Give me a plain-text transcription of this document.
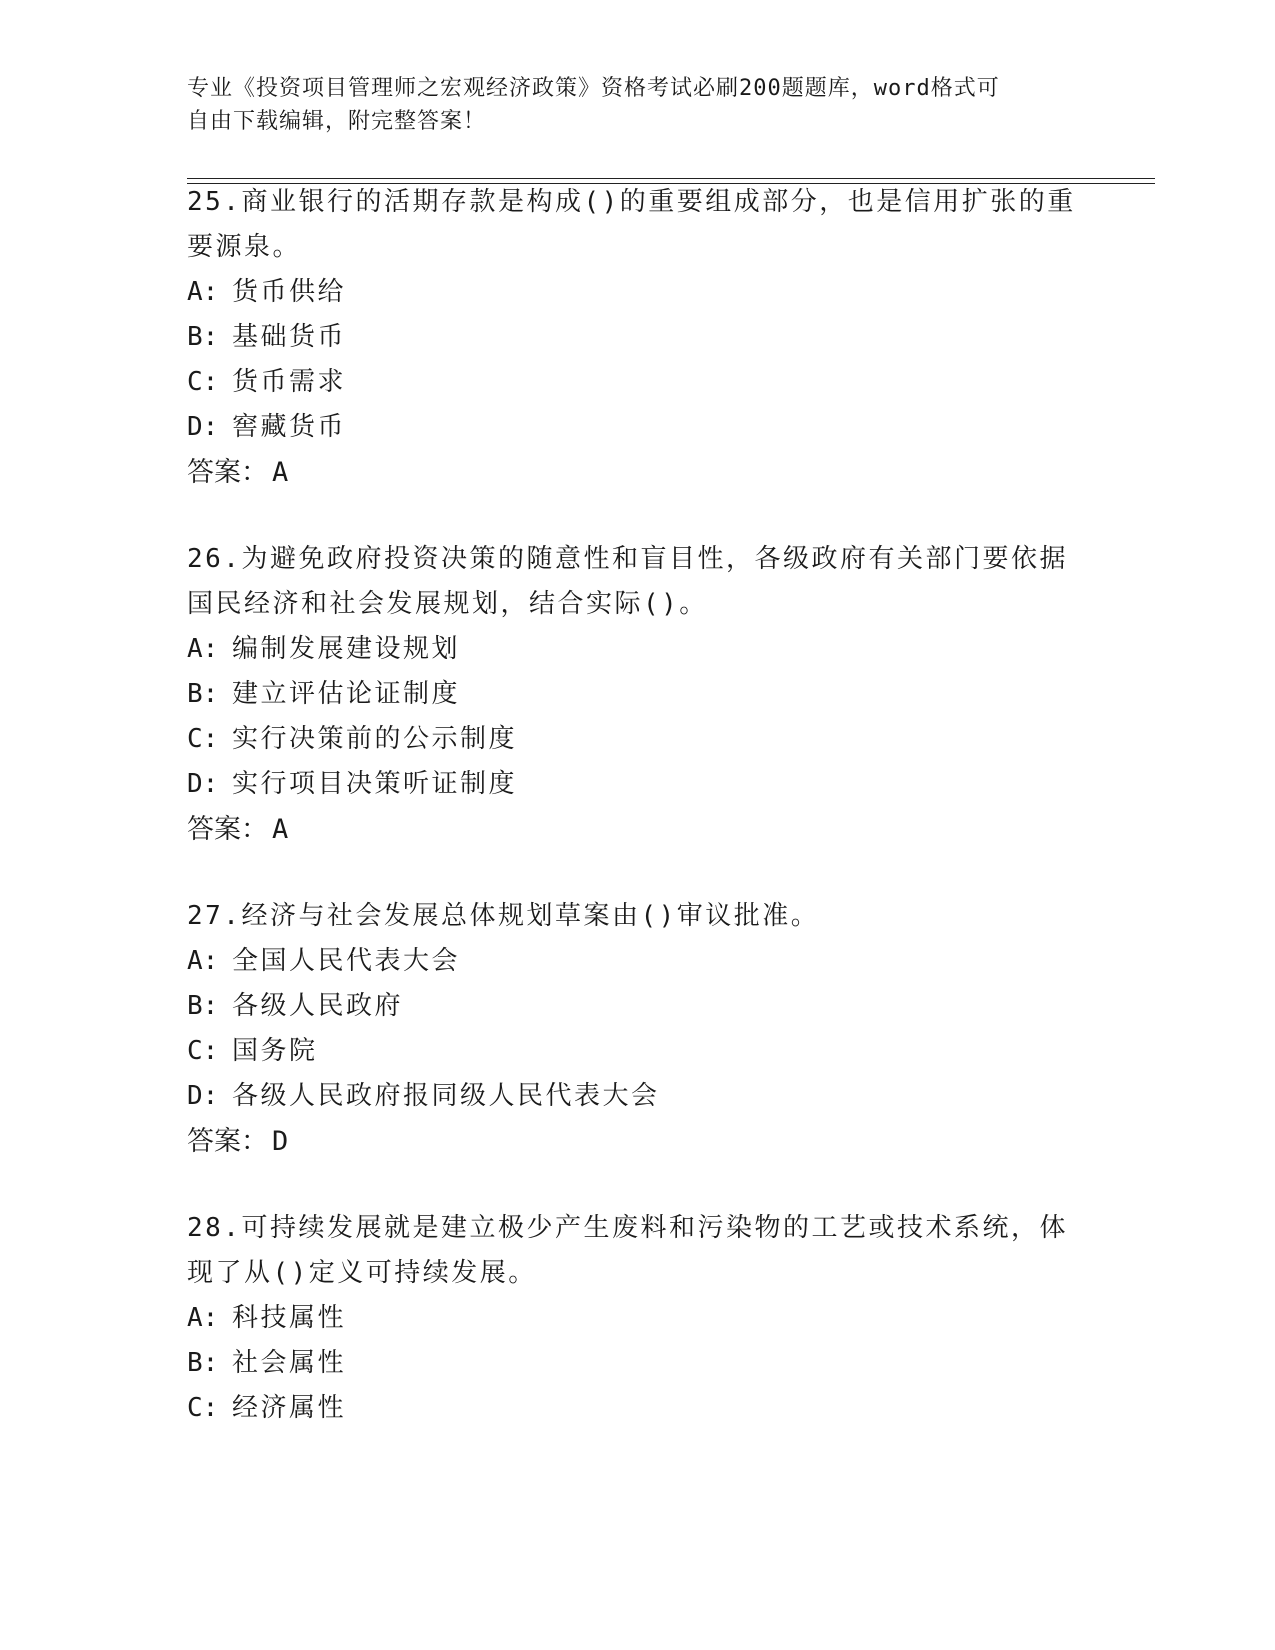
专业《投资项目管理师之宏观经济政策》资格考试必刷200题题库，word格式可
自由下载编辑，附完整答案！
25.商业银行的活期存款是构成()的重要组成部分，也是信用扩张的重
要源泉。
A: 货币供给
B: 基础货币
C: 货币需求
D: 窖藏货币
答案： A
26.为避免政府投资决策的随意性和盲目性，各级政府有关部门要依据
国民经济和社会发展规划，结合实际()。
A: 编制发展建设规划
B: 建立评估论证制度
C: 实行决策前的公示制度
D: 实行项目决策听证制度
答案： A
27.经济与社会发展总体规划草案由()审议批准。
A: 全国人民代表大会
B: 各级人民政府
C: 国务院
D: 各级人民政府报同级人民代表大会
答案： D
28.可持续发展就是建立极少产生废料和污染物的工艺或技术系统，体
现了从()定义可持续发展。
A: 科技属性
B: 社会属性
C: 经济属性
